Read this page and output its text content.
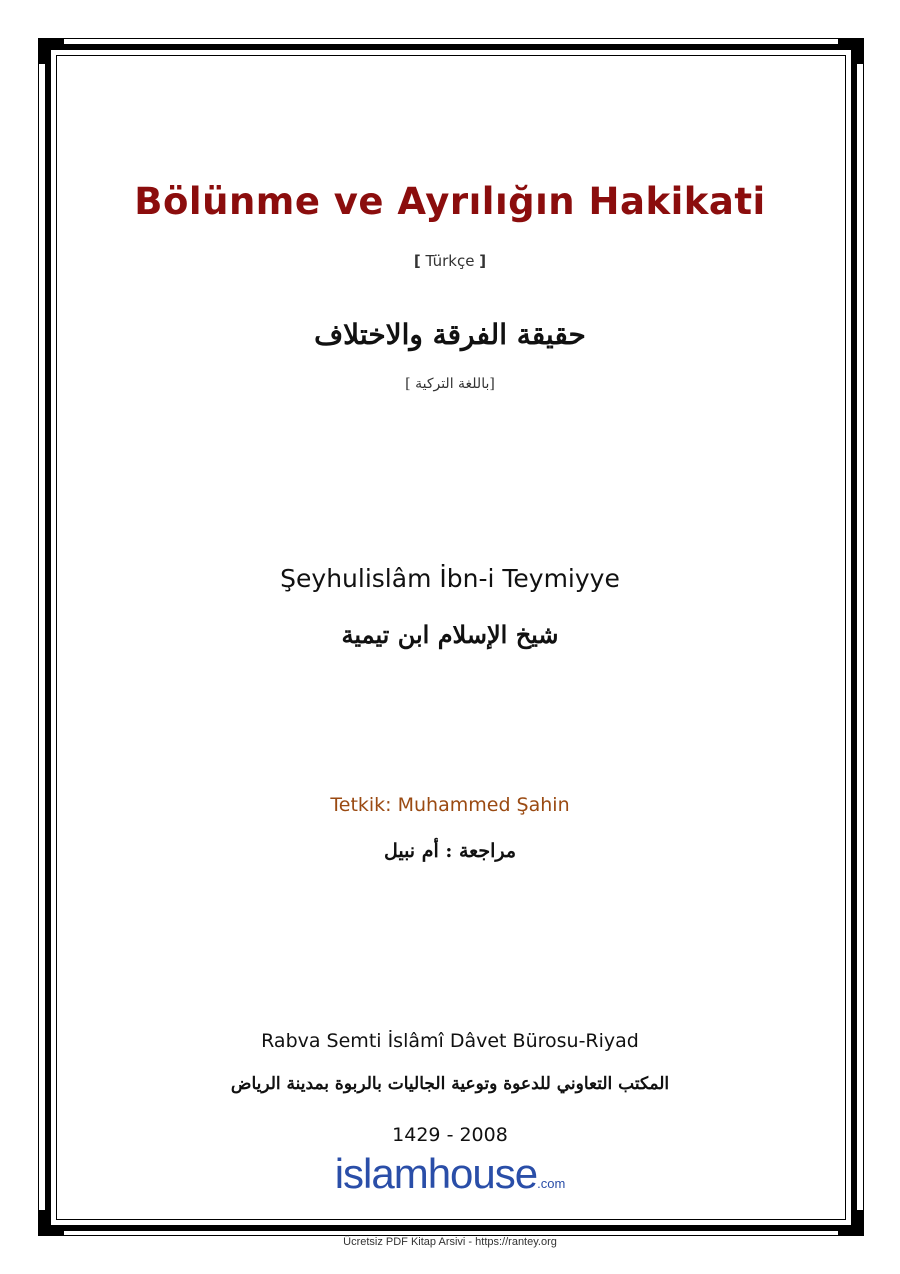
Bölünme ve Ayrılığın Hakikati
[ Türkçe ]
حقيقة الفرقة والاختلاف
[باللغة التركية ]
Şeyhulislâm İbn-i Teymiyye
شيخ الإسلام ابن تيمية
Tetkik: Muhammed Şahin
مراجعة : أم نبيل
Rabva Semti İslâmî Dâvet Bürosu-Riyad
المكتب التعاوني للدعوة وتوعية الجاليات بالربوة بمدينة الرياض
1429 - 2008
islamhouse.com
Ücretsiz PDF Kitap Arsivi - https://rantey.org
